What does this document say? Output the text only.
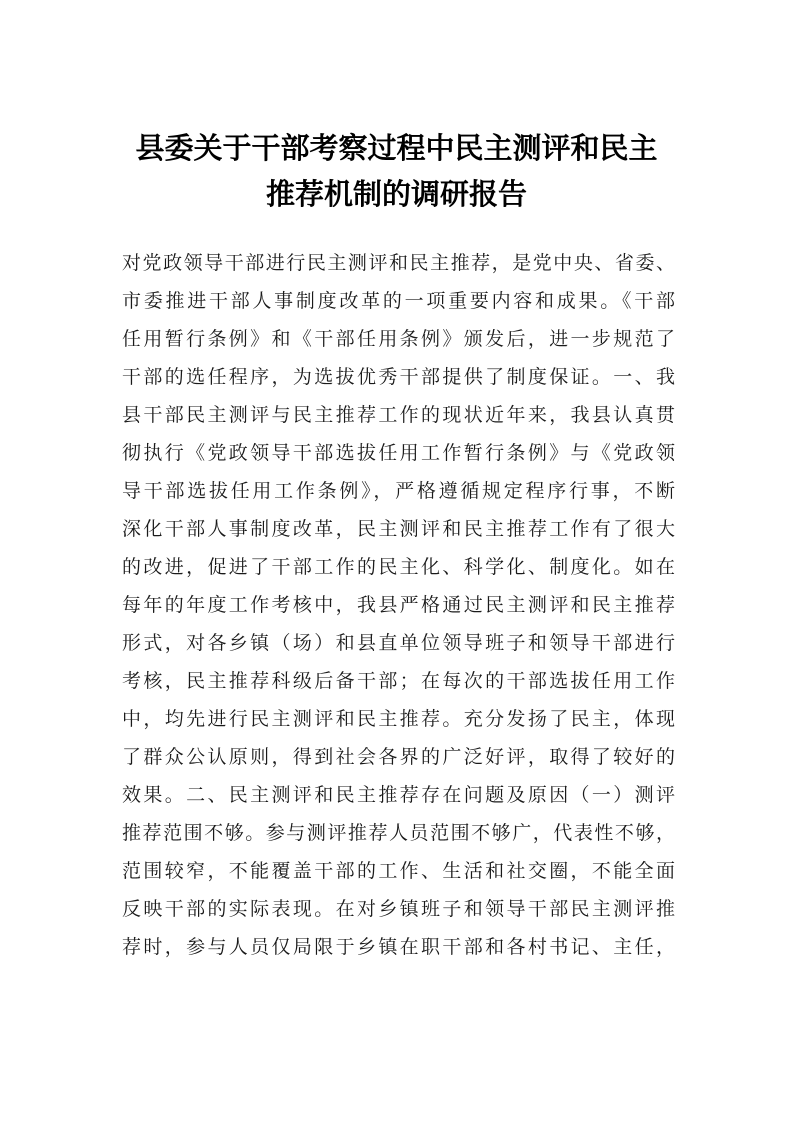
县委关于干部考察过程中民主测评和民主
推荐机制的调研报告
对党政领导干部进行民主测评和民主推荐，是党中央、省委、
市委推进干部人事制度改革的一项重要内容和成果。《干部
任用暂行条例》和《干部任用条例》颁发后，进一步规范了
干部的选任程序，为选拔优秀干部提供了制度保证。一、我
县干部民主测评与民主推荐工作的现状近年来，我县认真贯
彻执行《党政领导干部选拔任用工作暂行条例》与《党政领
导干部选拔任用工作条例》，严格遵循规定程序行事，不断
深化干部人事制度改革，民主测评和民主推荐工作有了很大
的改进，促进了干部工作的民主化、科学化、制度化。如在
每年的年度工作考核中，我县严格通过民主测评和民主推荐
形式，对各乡镇（场）和县直单位领导班子和领导干部进行
考核，民主推荐科级后备干部；在每次的干部选拔任用工作
中，均先进行民主测评和民主推荐。充分发扬了民主，体现
了群众公认原则，得到社会各界的广泛好评，取得了较好的
效果。二、民主测评和民主推荐存在问题及原因（一）测评
推荐范围不够。参与测评推荐人员范围不够广，代表性不够，
范围较窄，不能覆盖干部的工作、生活和社交圈，不能全面
反映干部的实际表现。在对乡镇班子和领导干部民主测评推
荐时，参与人员仅局限于乡镇在职干部和各村书记、主任，
